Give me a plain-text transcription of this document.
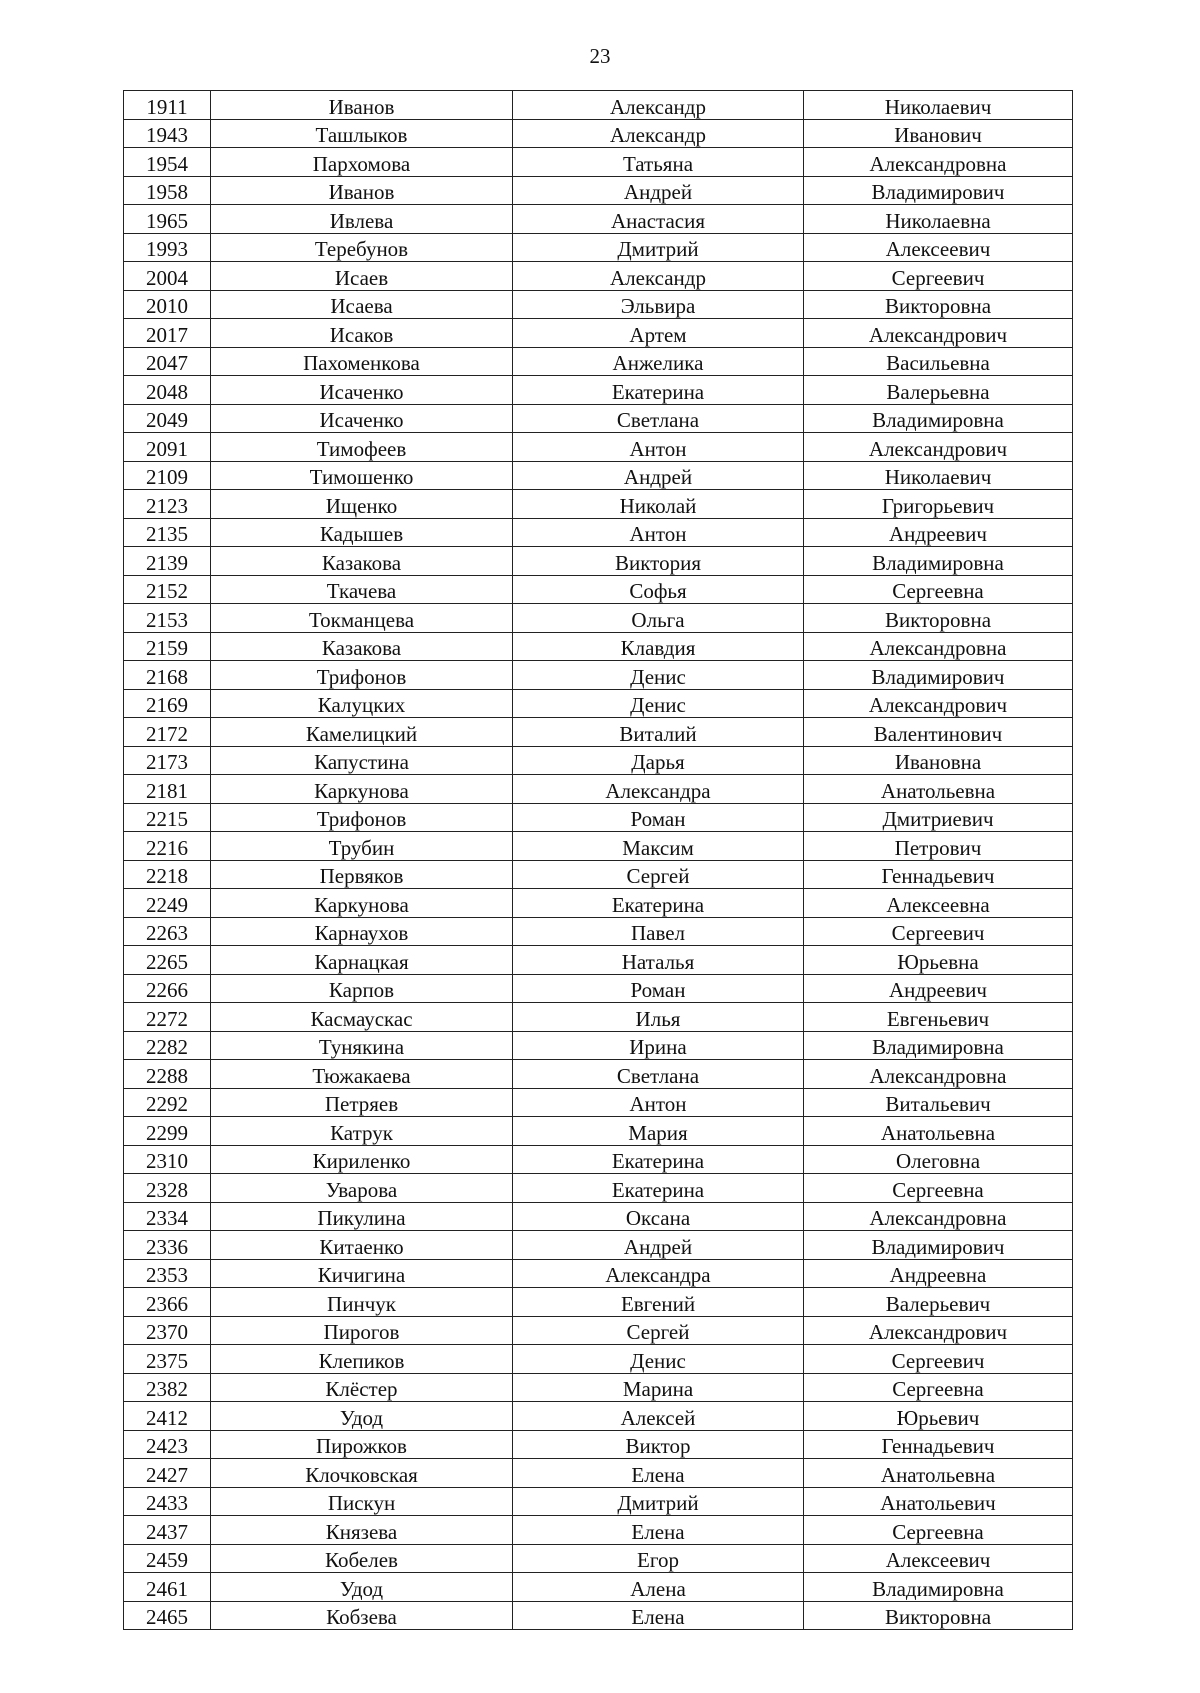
23
1911	Иванов	Александр	Николаевич
1943	Ташлыков	Александр	Иванович
1954	Пархомова	Татьяна	Александровна
1958	Иванов	Андрей	Владимирович
1965	Ивлева	Анастасия	Николаевна
1993	Теребунов	Дмитрий	Алексеевич
2004	Исаев	Александр	Сергеевич
2010	Исаева	Эльвира	Викторовна
2017	Исаков	Артем	Александрович
2047	Пахоменкова	Анжелика	Васильевна
2048	Исаченко	Екатерина	Валерьевна
2049	Исаченко	Светлана	Владимировна
2091	Тимофеев	Антон	Александрович
2109	Тимошенко	Андрей	Николаевич
2123	Ищенко	Николай	Григорьевич
2135	Кадышев	Антон	Андреевич
2139	Казакова	Виктория	Владимировна
2152	Ткачева	Софья	Сергеевна
2153	Токманцева	Ольга	Викторовна
2159	Казакова	Клавдия	Александровна
2168	Трифонов	Денис	Владимирович
2169	Калуцких	Денис	Александрович
2172	Камелицкий	Виталий	Валентинович
2173	Капустина	Дарья	Ивановна
2181	Каркунова	Александра	Анатольевна
2215	Трифонов	Роман	Дмитриевич
2216	Трубин	Максим	Петрович
2218	Первяков	Сергей	Геннадьевич
2249	Каркунова	Екатерина	Алексеевна
2263	Карнаухов	Павел	Сергеевич
2265	Карнацкая	Наталья	Юрьевна
2266	Карпов	Роман	Андреевич
2272	Касмаускас	Илья	Евгеньевич
2282	Тунякина	Ирина	Владимировна
2288	Тюжакаева	Светлана	Александровна
2292	Петряев	Антон	Витальевич
2299	Катрук	Мария	Анатольевна
2310	Кириленко	Екатерина	Олеговна
2328	Уварова	Екатерина	Сергеевна
2334	Пикулина	Оксана	Александровна
2336	Китаенко	Андрей	Владимирович
2353	Кичигина	Александра	Андреевна
2366	Пинчук	Евгений	Валерьевич
2370	Пирогов	Сергей	Александрович
2375	Клепиков	Денис	Сергеевич
2382	Клёстер	Марина	Сергеевна
2412	Удод	Алексей	Юрьевич
2423	Пирожков	Виктор	Геннадьевич
2427	Клочковская	Елена	Анатольевна
2433	Пискун	Дмитрий	Анатольевич
2437	Князева	Елена	Сергеевна
2459	Кобелев	Егор	Алексеевич
2461	Удод	Алена	Владимировна
2465	Кобзева	Елена	Викторовна
